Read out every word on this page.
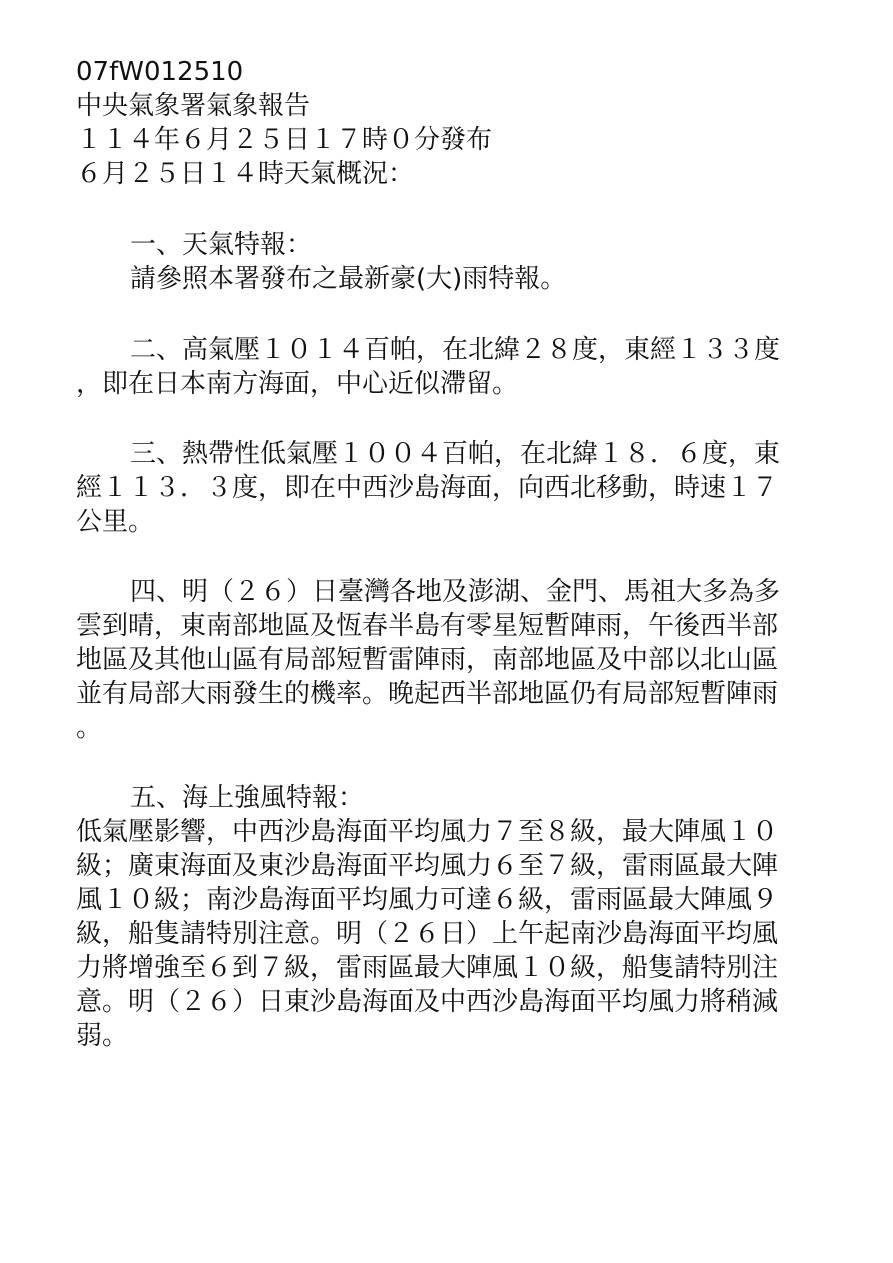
07fW012510
中央氣象署氣象報告
１１４年６月２５日１７時０分發布
６月２５日１４時天氣概況：
一、天氣特報：
請參照本署發布之最新豪(大)雨特報。
二、高氣壓１０１４百帕，在北緯２８度，東經１３３度
，即在日本南方海面，中心近似滯留。
三、熱帶性低氣壓１００４百帕，在北緯１８．６度，東
經１１３．３度，即在中西沙島海面，向西北移動，時速１７
公里。
四、明（２６）日臺灣各地及澎湖、金門、馬祖大多為多
雲到晴，東南部地區及恆春半島有零星短暫陣雨，午後西半部
地區及其他山區有局部短暫雷陣雨，南部地區及中部以北山區
並有局部大雨發生的機率。晚起西半部地區仍有局部短暫陣雨
。
五、海上強風特報：
低氣壓影響，中西沙島海面平均風力７至８級，最大陣風１０
級；廣東海面及東沙島海面平均風力６至７級，雷雨區最大陣
風１０級；南沙島海面平均風力可達６級，雷雨區最大陣風９
級，船隻請特別注意。明（２６日）上午起南沙島海面平均風
力將增強至６到７級，雷雨區最大陣風１０級，船隻請特別注
意。明（２６）日東沙島海面及中西沙島海面平均風力將稍減
弱。
